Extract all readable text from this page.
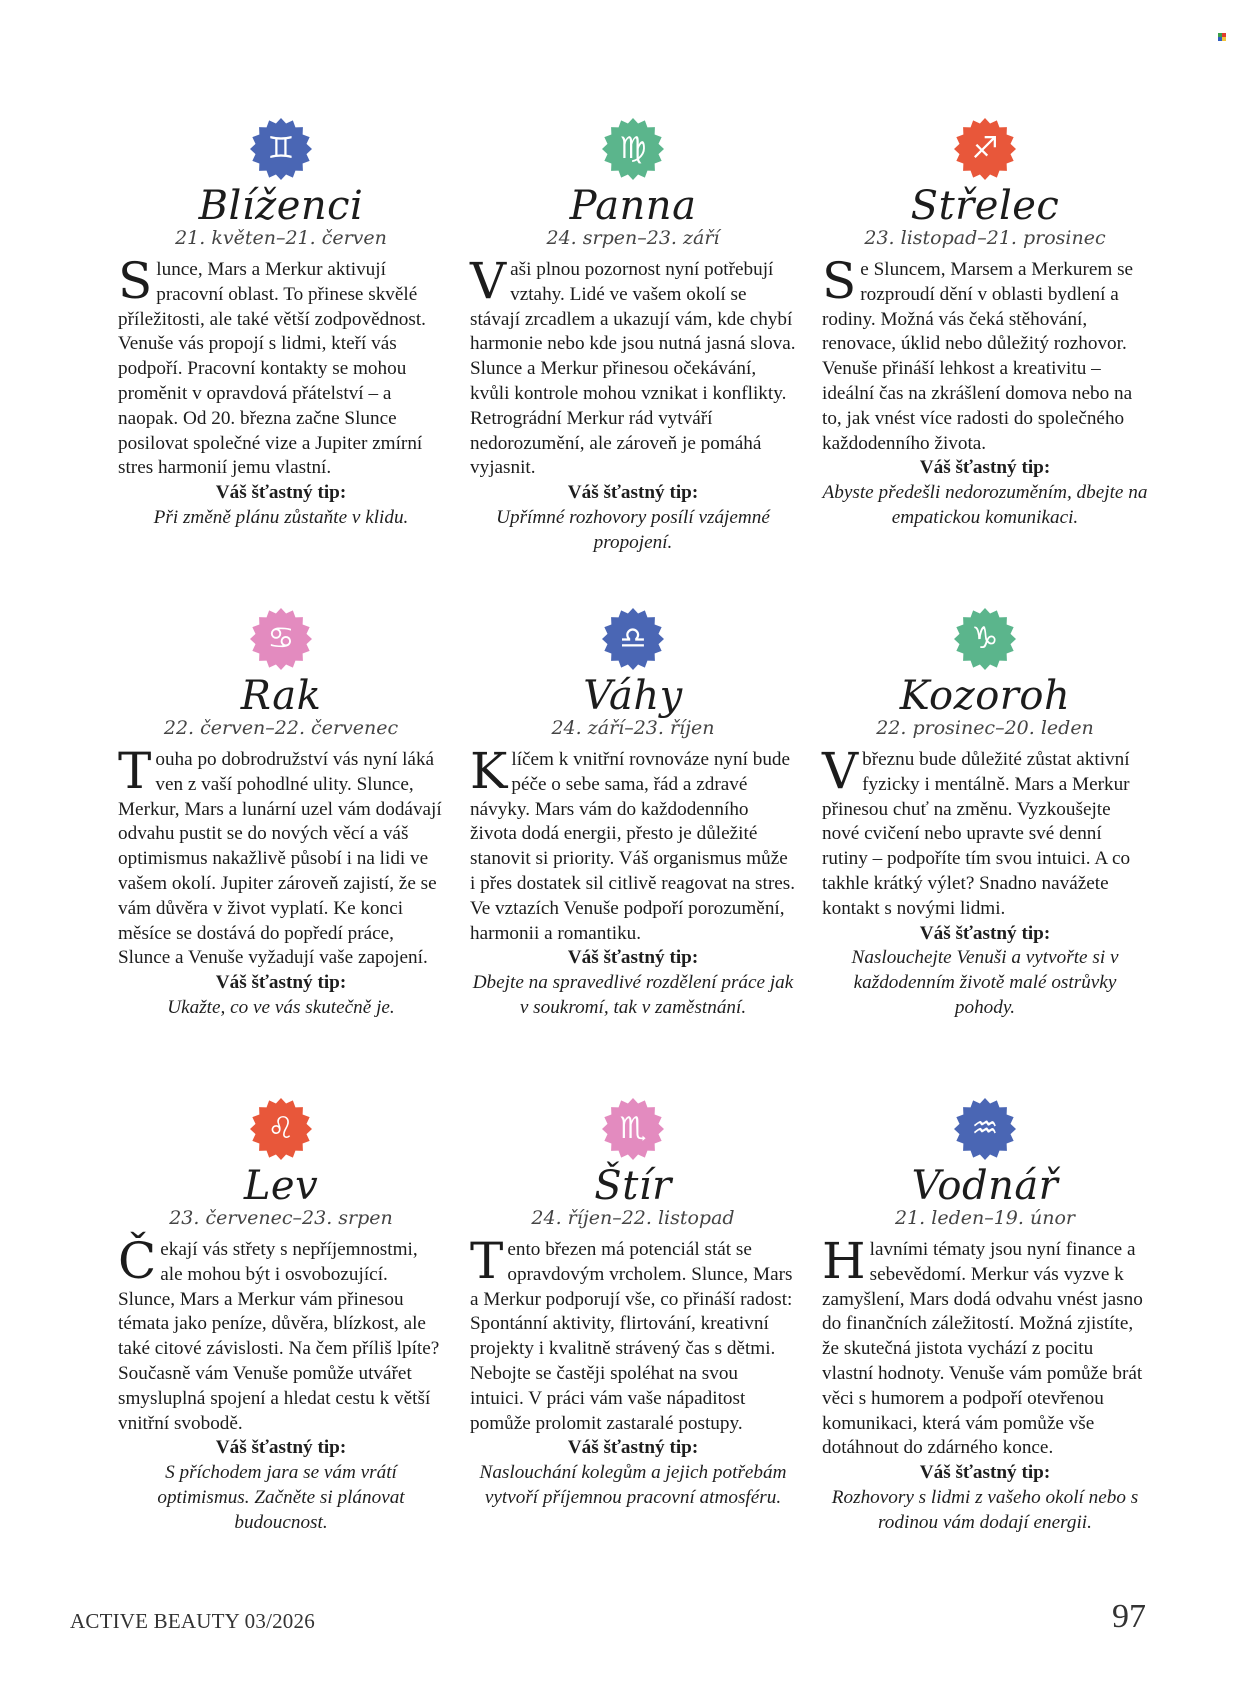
♊
Blíženci
21. květen–21. červen
Slunce, Mars a Merkur aktivují pracovní oblast. To přinese skvělé příležitosti, ale také větší zodpovědnost. Venuše vás propojí s lidmi, kteří vás podpoří. Pracovní kontakty se mohou proměnit v opravdová přátelství – a naopak. Od 20. března začne Slunce posilovat společné vize a Jupiter zmírní stres harmonií jemu vlastní.
Váš šťastný tip:
Při změně plánu zůstaňte v klidu.
♍
Panna
24. srpen–23. září
Vaši plnou pozornost nyní potřebují vztahy. Lidé ve vašem okolí se stávají zrcadlem a ukazují vám, kde chybí harmonie nebo kde jsou nutná jasná slova. Slunce a Merkur přinesou očekávání, kvůli kontrole mohou vznikat i konflikty. Retrográdní Merkur rád vytváří nedorozumění, ale zároveň je pomáhá vyjasnit.
Váš šťastný tip:
Upřímné rozhovory posílí vzájemné propojení.
♐
Střelec
23. listopad–21. prosinec
Se Sluncem, Marsem a Merkurem se rozproudí dění v oblasti bydlení a rodiny. Možná vás čeká stěhování, renovace, úklid nebo důležitý rozhovor. Venuše přináší lehkost a kreativitu – ideální čas na zkrášlení domova nebo na to, jak vnést více radosti do společného každodenního života.
Váš šťastný tip:
Abyste předešli nedorozuměním, dbejte na empatickou komunikaci.
♋
Rak
22. červen–22. červenec
Touha po dobrodružství vás nyní láká ven z vaší pohodlné ulity. Slunce, Merkur, Mars a lunární uzel vám dodávají odvahu pustit se do nových věcí a váš optimismus nakažlivě působí i na lidi ve vašem okolí. Jupiter zároveň zajistí, že se vám důvěra v život vyplatí. Ke konci měsíce se dostává do popředí práce, Slunce a Venuše vyžadují vaše zapojení.
Váš šťastný tip:
Ukažte, co ve vás skutečně je.
♎
Váhy
24. září–23. říjen
Klíčem k vnitřní rovnováze nyní bude péče o sebe sama, řád a zdravé návyky. Mars vám do každodenního života dodá energii, přesto je důležité stanovit si priority. Váš organismus může i přes dostatek sil citlivě reagovat na stres. Ve vztazích Venuše podpoří porozumění, harmonii a romantiku.
Váš šťastný tip:
Dbejte na spravedlivé rozdělení práce jak v soukromí, tak v zaměstnání.
♑
Kozoroh
22. prosinec–20. leden
Vbřeznu bude důležité zůstat aktivní fyzicky i mentálně. Mars a Merkur přinesou chuť na změnu. Vyzkoušejte nové cvičení nebo upravte své denní rutiny – podpoříte tím svou intuici. A co takhle krátký výlet? Snadno navážete kontakt s novými lidmi.
Váš šťastný tip:
Naslouchejte Venuši a vytvořte si v každodenním životě malé ostrůvky pohody.
♌
Lev
23. červenec–23. srpen
Čekají vás střety s nepříjemnostmi, ale mohou být i osvobozující. Slunce, Mars a Merkur vám přinesou témata jako peníze, důvěra, blízkost, ale také citové závislosti. Na čem příliš lpíte? Současně vám Venuše pomůže utvářet smysluplná spojení a hledat cestu k větší vnitřní svobodě.
Váš šťastný tip:
S příchodem jara se vám vrátí optimismus. Začněte si plánovat budoucnost.
♏
Štír
24. říjen–22. listopad
Tento březen má potenciál stát se opravdovým vrcholem. Slunce, Mars a Merkur podporují vše, co přináší radost: Spontánní aktivity, flirtování, kreativní projekty i kvalitně strávený čas s dětmi. Nebojte se častěji spoléhat na svou intuici. V práci vám vaše nápaditost pomůže prolomit zastaralé postupy.
Váš šťastný tip:
Naslouchání kolegům a jejich potřebám vytvoří příjemnou pracovní atmosféru.
♒
Vodnář
21. leden–19. únor
Hlavními tématy jsou nyní finance a sebevědomí. Merkur vás vyzve k zamyšlení, Mars dodá odvahu vnést jasno do finančních záležitostí. Možná zjistíte, že skutečná jistota vychází z pocitu vlastní hodnoty. Venuše vám pomůže brát věci s humorem a podpoří otevřenou komunikaci, která vám pomůže vše dotáhnout do zdárného konce.
Váš šťastný tip:
Rozhovory s lidmi z vašeho okolí nebo s rodinou vám dodají energii.
ACTIVE BEAUTY 03/2026	97
